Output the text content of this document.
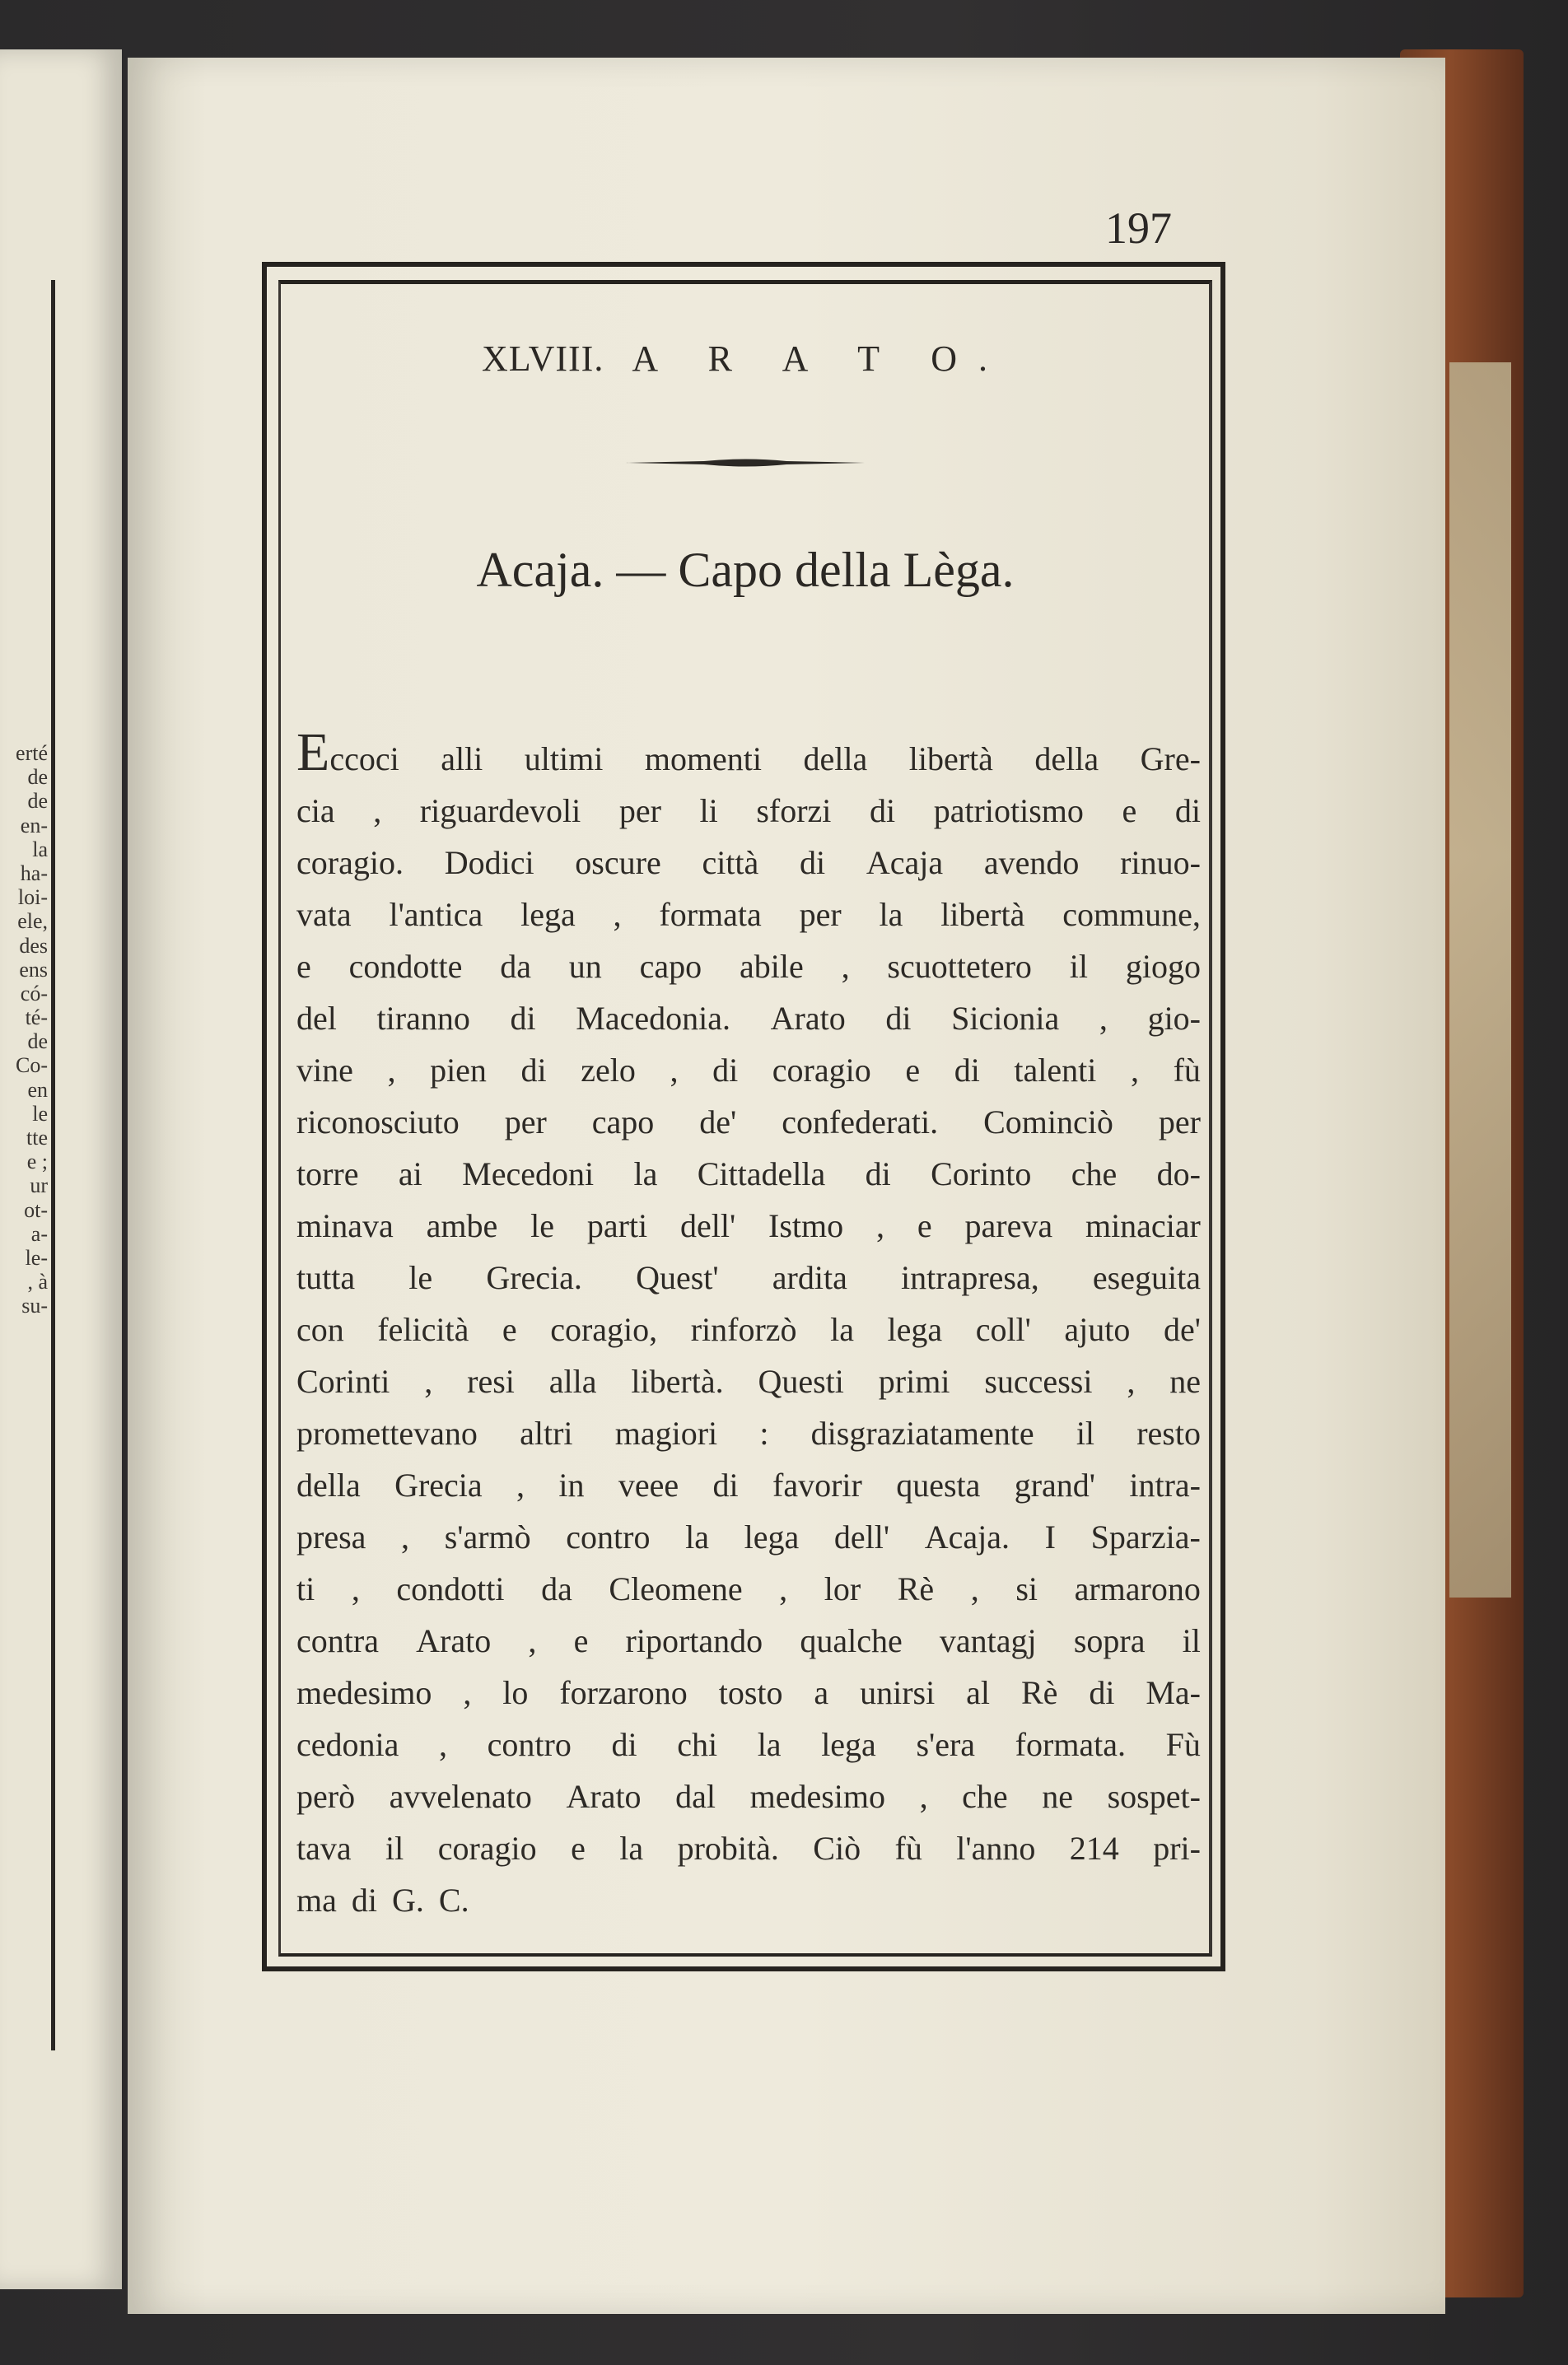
erté
de
de
en-
la
ha-
loi-
ele,
des
ens
có-
té-
de
Co-
en
le
tte
e ;
ur
ot-
a-
le-
, à
su-
197
XLVIII. A R A T O.
Acaja. — Capo della Lèga.
Eccoci alli ultimi momenti della libertà della Gre-
cia , riguardevoli per li sforzi di patriotismo e di
coragio. Dodici oscure città di Acaja avendo rinuo-
vata l'antica lega , formata per la libertà commune,
e condotte da un capo abile , scuottetero il giogo
del tiranno di Macedonia. Arato di Sicionia , gio-
vine , pien di zelo , di coragio e di talenti , fù
riconosciuto per capo de' confederati. Cominciò per
torre ai Mecedoni la Cittadella di Corinto che do-
minava ambe le parti dell' Istmo , e pareva minaciar
tutta le Grecia. Quest' ardita intrapresa, eseguita
con felicità e coragio, rinforzò la lega coll' ajuto de'
Corinti , resi alla libertà. Questi primi successi , ne
promettevano altri magiori : disgraziatamente il resto
della Grecia , in veee di favorir questa grand' intra-
presa , s'armò contro la lega dell' Acaja. I Sparzia-
ti , condotti da Cleomene , lor Rè , si armarono
contra Arato , e riportando qualche vantagj sopra il
medesimo , lo forzarono tosto a unirsi al Rè di Ma-
cedonia , contro di chi la lega s'era formata. Fù
però avvelenato Arato dal medesimo , che ne sospet-
tava il coragio e la probità. Ciò fù l'anno 214 pri-
ma di G. C.
